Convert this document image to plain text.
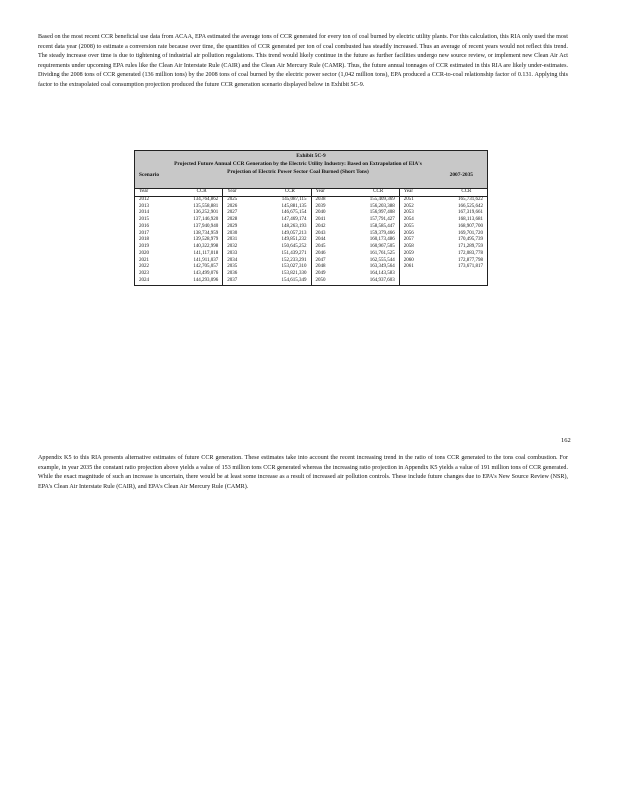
Based on the most recent CCR beneficial use data from ACAA, EPA estimated the average tons of CCR generated for every ton of coal burned by electric utility plants. For this calculation, this RIA only used the most recent data year (2008) to estimate a conversion rate because over time, the quantities of CCR generated per ton of coal combusted has steadily increased. Thus an average of recent years would not reflect this trend. The steady increase over time is due to tightening of industrial air pollution regulations. This trend would likely continue in the future as further facilities undergo new source review, or implement new Clean Air Act requirements under upcoming EPA rules like the Clean Air Interstate Rule (CAIR) and the Clean Air Mercury Rule (CAMR). Thus, the future annual tonnages of CCR estimated in this RIA are likely under-estimates. Dividing the 2008 tons of CCR generated (136 million tons) by the 2008 tons of coal burned by the electric power sector (1,042 million tons), EPA produced a CCR-to-coal relationship factor of 0.131. Applying this factor to the extrapolated coal consumption projection produced the future CCR generation scenario displayed below in Exhibit 5C-9.

Exhibit 5C-9
Scenario
Projected Future Annual CCR Generation by the Electric Utility Industry: Based on Extrapolation of EIA's Projection of Electric Power Sector Coal Burned (Short Tons)
2007-2035
Year	CCR	Year	CCR	Year	CCR	Year	CCR
2012	134,764,862	2025	145,087,115	2038	155,409,369	2051	165,731,622
2013	135,558,881	2026	145,881,135	2039	156,203,388	2052	166,525,642
2014	136,252,901	2027	146,675,154	2040	156,997,408	2053	167,319,661
2015	137,146,920	2028	147,469,174	2041	157,791,427	2054	168,113,681
2016	137,940,940	2029	148,263,193	2042	158,585,447	2055	168,907,700
2017	138,734,959	2030	149,057,213	2043	159,379,466	2056	169,701,720
2018	139,528,979	2031	149,851,232	2044	160,173,486	2057	170,495,739
2019	140,322,998	2032	150,645,252	2045	160,967,505	2058	171,289,759
2020	141,117,018	2033	151,439,271	2046	161,761,525	2059	172,083,778
2021	141,911,037	2034	152,233,291	2047	162,555,544	2060	172,877,798
2022	142,705,057	2035	153,027,310	2048	163,349,564	2061	173,671,817
2023	143,499,076	2036	153,821,330	2049	164,143,583		
2024	144,293,096	2037	154,615,349	2050	164,937,603		

Appendix K5 to this RIA presents alternative estimates of future CCR generation. These estimates take into account the recent increasing trend in the ratio of tons CCR generated to the tons coal combustion. For example, in year 2035 the constant ratio projection above yields a value of 153 million tons CCR generated whereas the increasing ratio projection in Appendix K5 yields a value of 191 million tons of CCR generated. While the exact magnitude of such an increase is uncertain, there would be at least some increase as a result of increased air pollution controls. These include future changes due to EPA's New Source Review (NSR), EPA's Clean Air Interstate Rule (CAIR), and EPA's Clean Air Mercury Rule (CAMR).

162
